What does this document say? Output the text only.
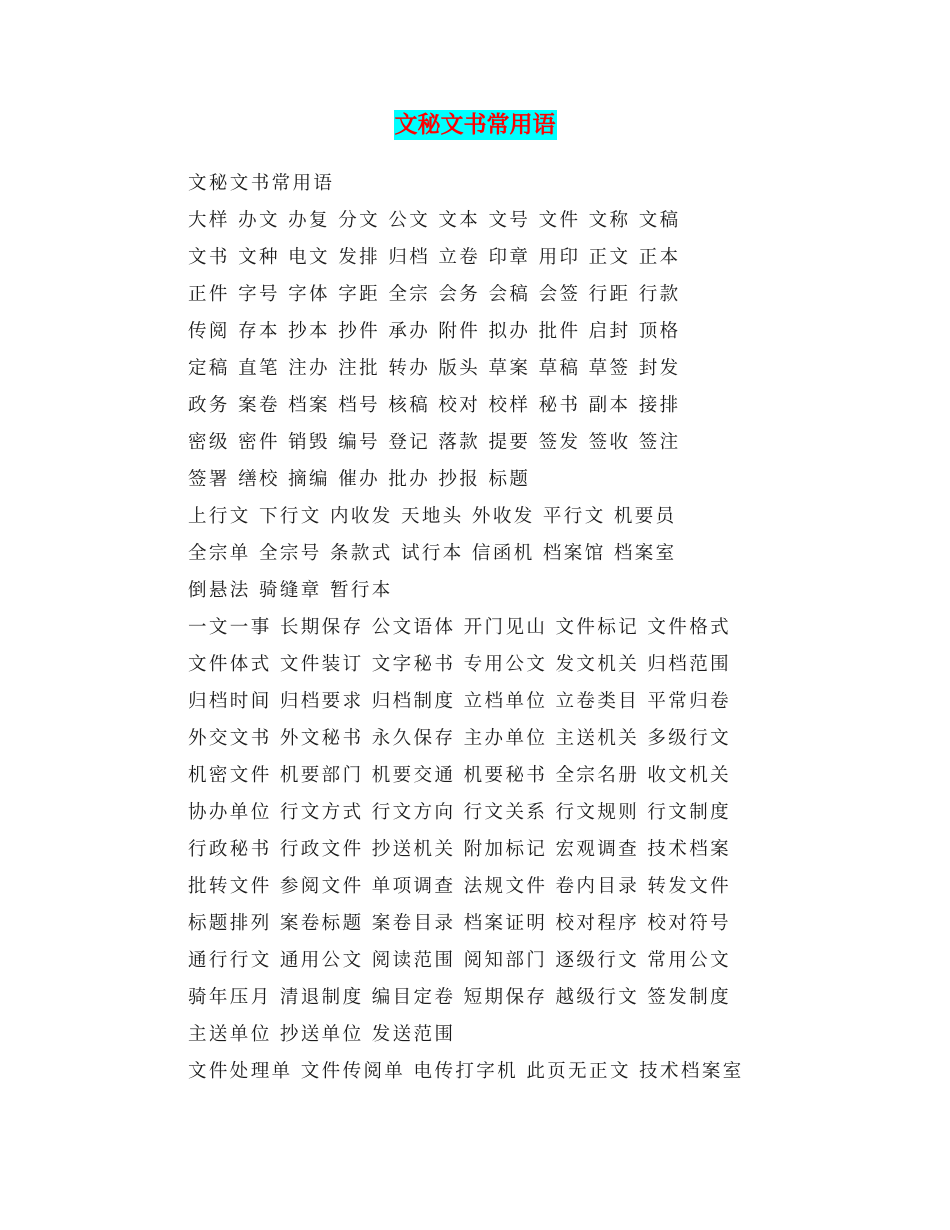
文秘文书常用语
文秘文书常用语
大样 办文 办复 分文 公文 文本 文号 文件 文称 文稿
文书 文种 电文 发排 归档 立卷 印章 用印 正文 正本
正件 字号 字体 字距 全宗 会务 会稿 会签 行距 行款
传阅 存本 抄本 抄件 承办 附件 拟办 批件 启封 顶格
定稿 直笔 注办 注批 转办 版头 草案 草稿 草签 封发
政务 案卷 档案 档号 核稿 校对 校样 秘书 副本 接排
密级 密件 销毁 编号 登记 落款 提要 签发 签收 签注
签署 缮校 摘编 催办 批办 抄报 标题
上行文 下行文 内收发 天地头 外收发 平行文 机要员
全宗单 全宗号 条款式 试行本 信函机 档案馆 档案室
倒悬法 骑缝章 暂行本
一文一事 长期保存 公文语体 开门见山 文件标记 文件格式
文件体式 文件装订 文字秘书 专用公文 发文机关 归档范围
归档时间 归档要求 归档制度 立档单位 立卷类目 平常归卷
外交文书 外文秘书 永久保存 主办单位 主送机关 多级行文
机密文件 机要部门 机要交通 机要秘书 全宗名册 收文机关
协办单位 行文方式 行文方向 行文关系 行文规则 行文制度
行政秘书 行政文件 抄送机关 附加标记 宏观调查 技术档案
批转文件 参阅文件 单项调查 法规文件 卷内目录 转发文件
标题排列 案卷标题 案卷目录 档案证明 校对程序 校对符号
通行行文 通用公文 阅读范围 阅知部门 逐级行文 常用公文
骑年压月 清退制度 编目定卷 短期保存 越级行文 签发制度
主送单位 抄送单位 发送范围
文件处理单 文件传阅单 电传打字机 此页无正文 技术档案室
